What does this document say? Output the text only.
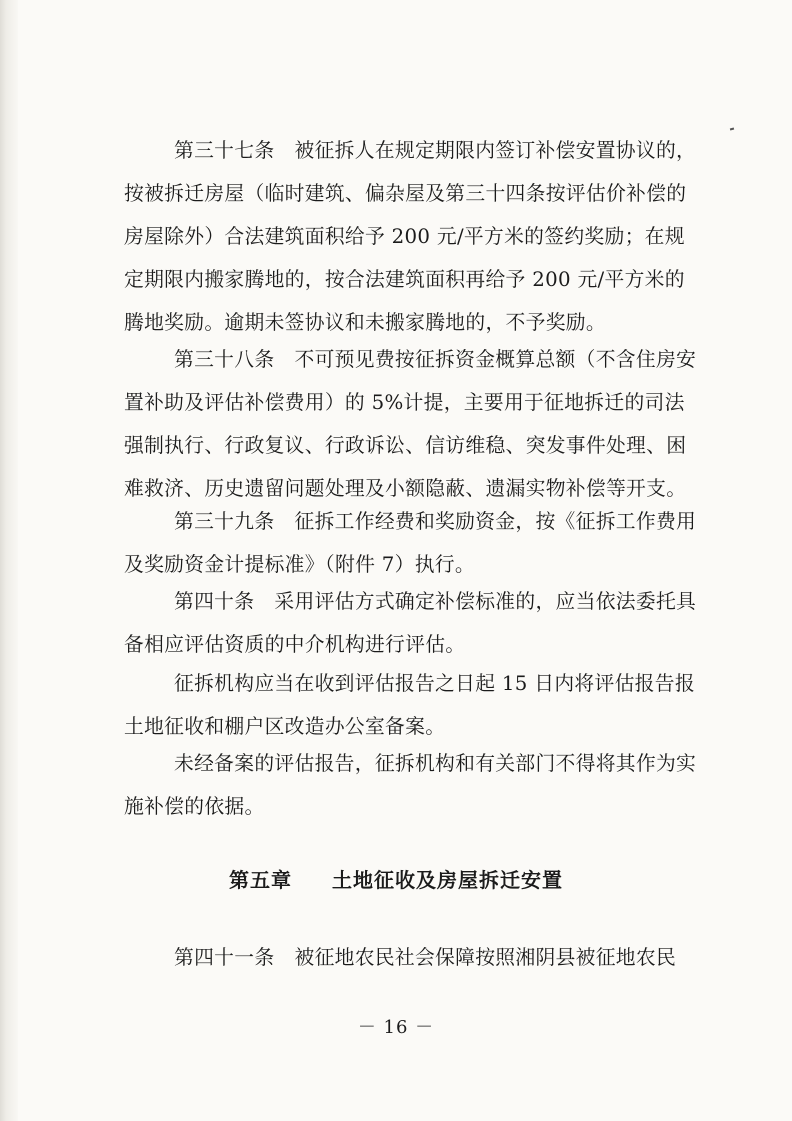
第三十七条　被征拆人在规定期限内签订补偿安置协议的，
按被拆迁房屋（临时建筑、偏杂屋及第三十四条按评估价补偿的
房屋除外）合法建筑面积给予 200 元/平方米的签约奖励；在规
定期限内搬家腾地的，按合法建筑面积再给予 200 元/平方米的
腾地奖励。逾期未签协议和未搬家腾地的，不予奖励。
第三十八条　不可预见费按征拆资金概算总额（不含住房安
置补助及评估补偿费用）的 5%计提，主要用于征地拆迁的司法
强制执行、行政复议、行政诉讼、信访维稳、突发事件处理、困
难救济、历史遗留问题处理及小额隐蔽、遗漏实物补偿等开支。
第三十九条　征拆工作经费和奖励资金，按《征拆工作费用
及奖励资金计提标准》（附件 7）执行。
第四十条　采用评估方式确定补偿标准的，应当依法委托具
备相应评估资质的中介机构进行评估。
征拆机构应当在收到评估报告之日起 15 日内将评估报告报
土地征收和棚户区改造办公室备案。
未经备案的评估报告，征拆机构和有关部门不得将其作为实
施补偿的依据。
第五章 土地征收及房屋拆迁安置
第四十一条　被征地农民社会保障按照湘阴县被征地农民
－ 16 －
